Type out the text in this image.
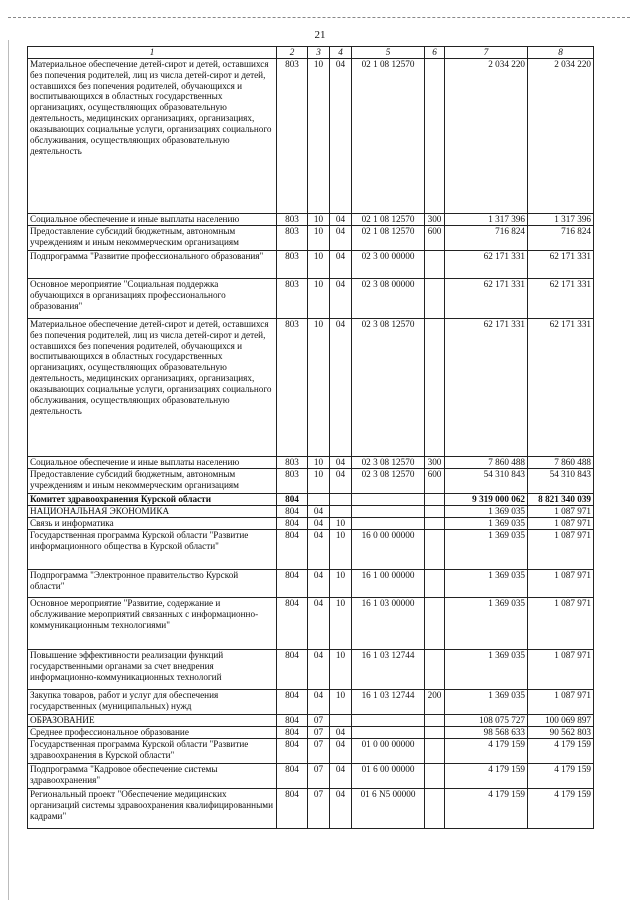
21
1	2	3	4	5	6	7	8
Материальное обеспечение детей-сирот и детей, оставшихся без попечения родителей, лиц из числа детей-сирот и детей, оставшихся без попечения родителей, обучающихся и воспитывающихся в областных государственных организациях, осуществляющих образовательную деятельность, медицинских организациях, организациях, оказывающих социальные услуги, организациях социального обслуживания, осуществляющих образовательную деятельность	803	10	04	02 1 08 12570		2 034 220	2 034 220
Социальное обеспечение и иные выплаты населению	803	10	04	02 1 08 12570	300	1 317 396	1 317 396
Предоставление субсидий бюджетным, автономным учреждениям и иным некоммерческим организациям	803	10	04	02 1 08 12570	600	716 824	716 824
Подпрограмма "Развитие профессионального образования"	803	10	04	02 3 00 00000		62 171 331	62 171 331
Основное мероприятие "Социальная поддержка обучающихся в организациях профессионального образования"	803	10	04	02 3 08 00000		62 171 331	62 171 331
Материальное обеспечение детей-сирот и детей, оставшихся без попечения родителей, лиц из числа детей-сирот и детей, оставшихся без попечения родителей, обучающихся и воспитывающихся в областных государственных организациях, осуществляющих образовательную деятельность, медицинских организациях, организациях, оказывающих социальные услуги, организациях социального обслуживания, осуществляющих образовательную деятельность	803	10	04	02 3 08 12570		62 171 331	62 171 331
Социальное обеспечение и иные выплаты населению	803	10	04	02 3 08 12570	300	7 860 488	7 860 488
Предоставление субсидий бюджетным, автономным учреждениям и иным некоммерческим организациям	803	10	04	02 3 08 12570	600	54 310 843	54 310 843
Комитет здравоохранения Курской области	804					9 319 000 062	8 821 340 039
НАЦИОНАЛЬНАЯ ЭКОНОМИКА	804	04				1 369 035	1 087 971
Связь и информатика	804	04	10			1 369 035	1 087 971
Государственная программа Курской области "Развитие информационного общества в Курской области"	804	04	10	16 0 00 00000		1 369 035	1 087 971
Подпрограмма "Электронное правительство Курской области"	804	04	10	16 1 00 00000		1 369 035	1 087 971
Основное мероприятие "Развитие, содержание и обслуживание мероприятий связанных с информационно-коммуникационным технологиями"	804	04	10	16 1 03 00000		1 369 035	1 087 971
Повышение эффективности реализации функций государственными органами за счет внедрения информационно-коммуникационных технологий	804	04	10	16 1 03 12744		1 369 035	1 087 971
Закупка товаров, работ и услуг для обеспечения государственных (муниципальных) нужд	804	04	10	16 1 03 12744	200	1 369 035	1 087 971
ОБРАЗОВАНИЕ	804	07				108 075 727	100 069 897
Среднее профессиональное образование	804	07	04			98 568 633	90 562 803
Государственная программа Курской области "Развитие здравоохранения в Курской области"	804	07	04	01 0 00 00000		4 179 159	4 179 159
Подпрограмма "Кадровое обеспечение системы здравоохранения"	804	07	04	01 6 00 00000		4 179 159	4 179 159
Региональный проект "Обеспечение медицинских организаций системы здравоохранения квалифицированными кадрами"	804	07	04	01 6 N5 00000		4 179 159	4 179 159
